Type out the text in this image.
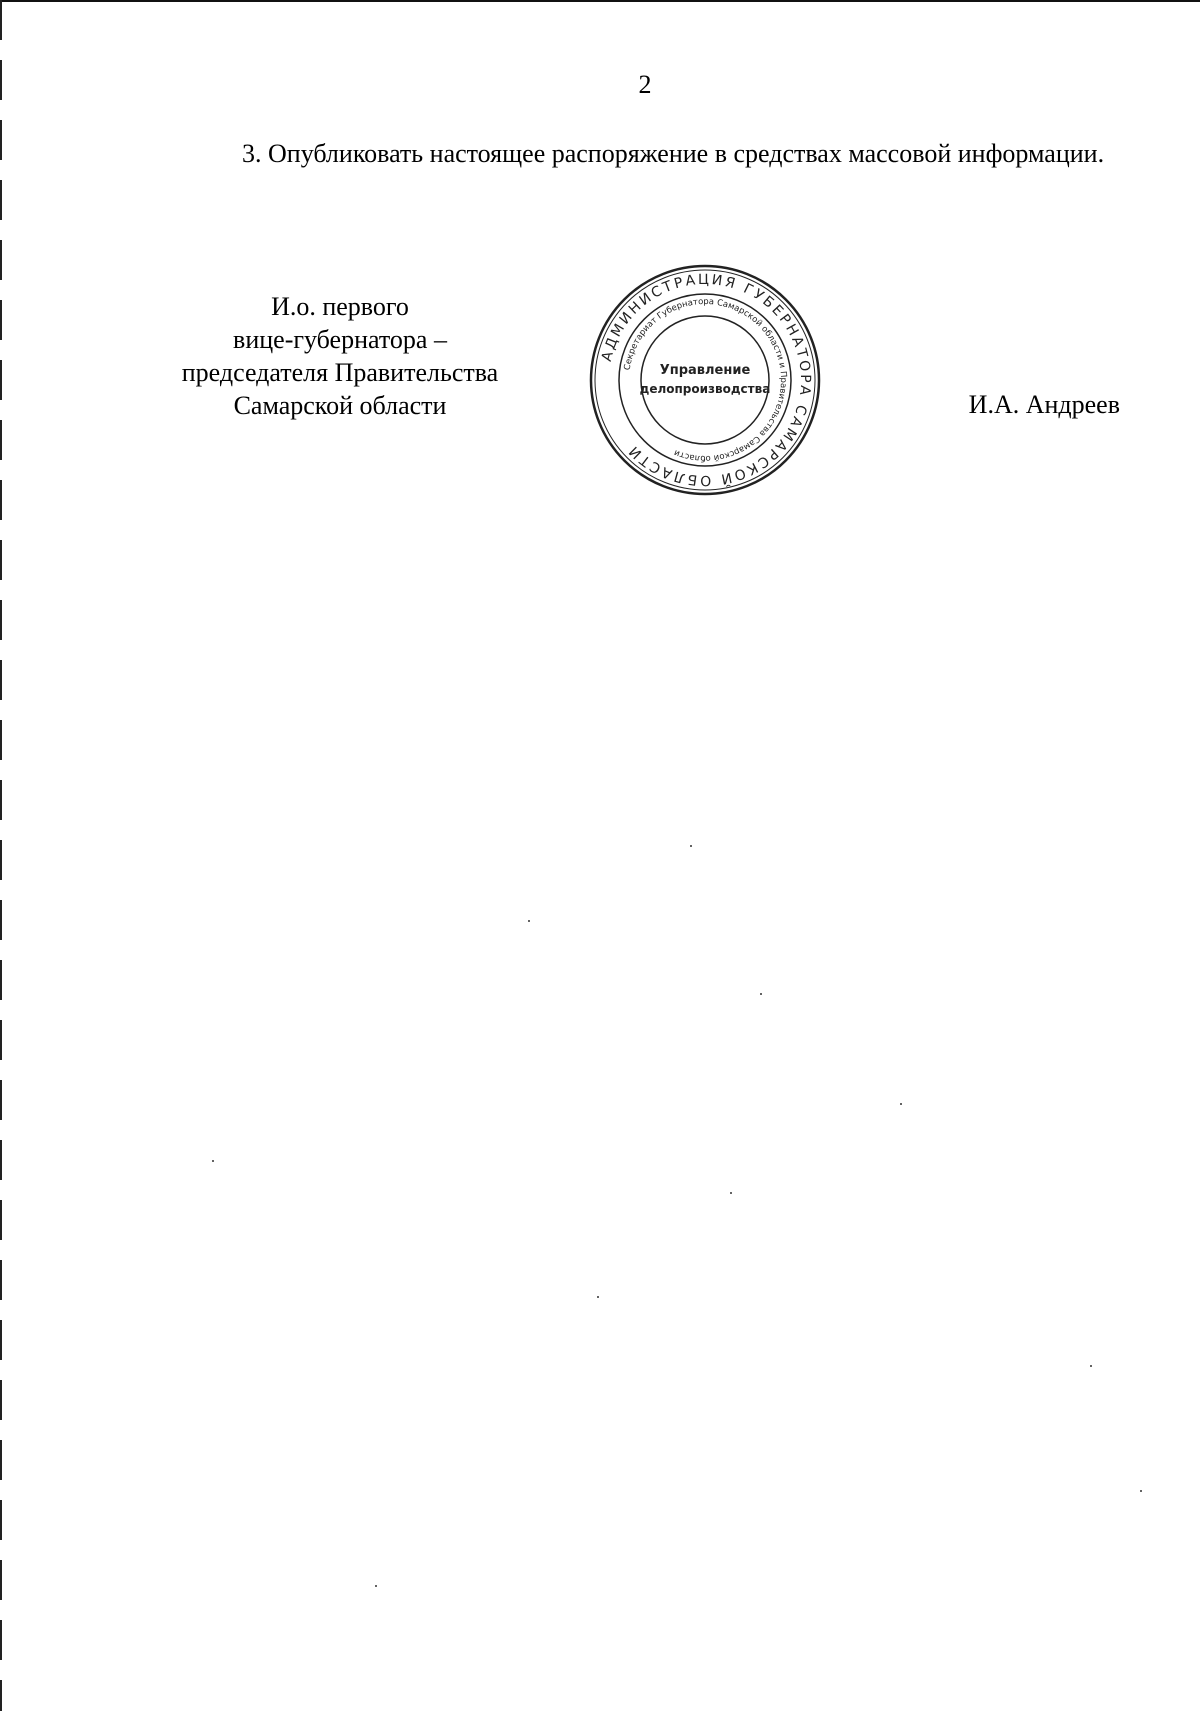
2
3. Опубликовать настоящее распоряжение в средствах массовой информации.
И.о. первого
вице-губернатора –
председателя Правительства
Самарской области	И.А. Андреев
АДМИНИСТРАЦИЯ ГУБЕРНАТОРА САМАРСКОЙ ОБЛАСТИ
Секретариат Губернатора Самарской области и Правительства Самарской области
Управление
делопроизводства
